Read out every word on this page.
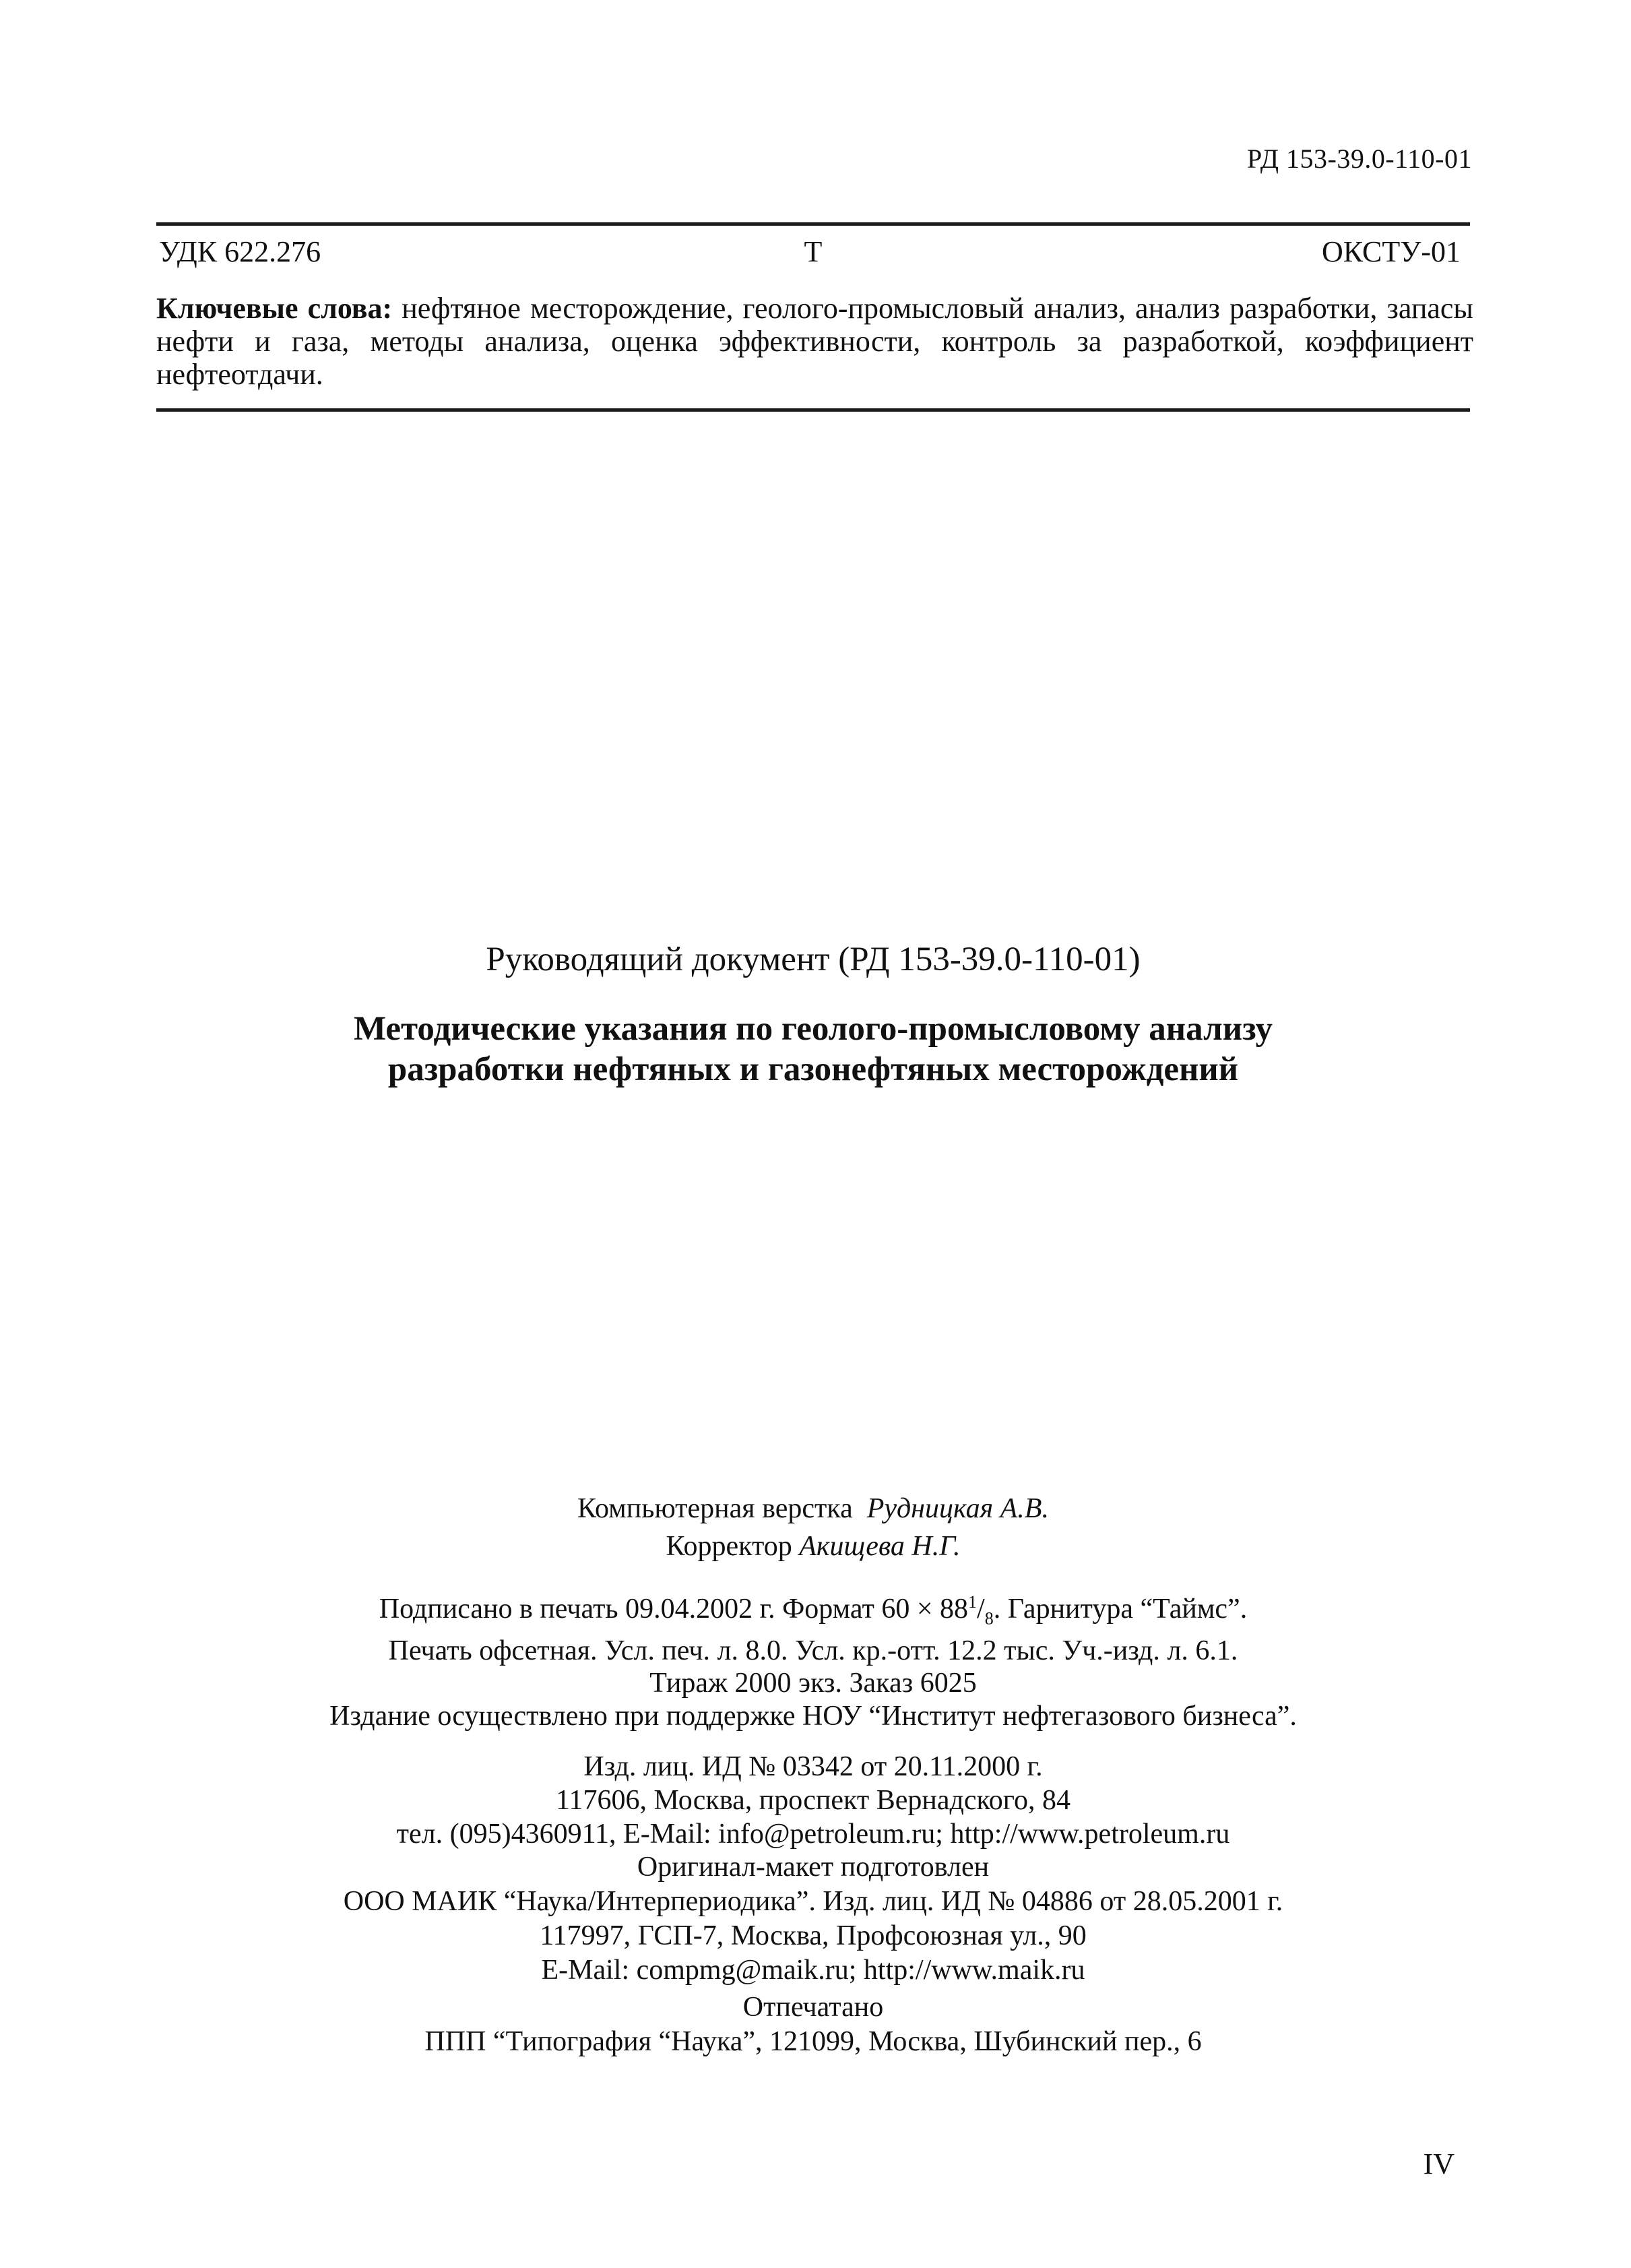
РД 153-39.0-110-01
УДК 622.276	Т	ОКСТУ-01
Ключевые слова: нефтяное месторождение, геолого-промысловый анализ, анализ разработки, запасы нефти и газа, методы анализа, оценка эффективности, контроль за разработкой, коэффициент нефтеотдачи.
Руководящий документ (РД 153-39.0-110-01)
Методические указания по геолого-промысловому анализу
разработки нефтяных и газонефтяных месторождений
Компьютерная верстка Рудницкая А.В.
Корректор Акищева Н.Г.
Подписано в печать 09.04.2002 г. Формат $60 \times 88^1/_8$. Гарнитура “Таймс”.
Печать офсетная. Усл. печ. л. 8.0. Усл. кр.-отт. 12.2 тыс. Уч.-изд. л. 6.1.
Тираж 2000 экз. Заказ 6025
Издание осуществлено при поддержке НОУ “Институт нефтегазового бизнеса”.
Изд. лиц. ИД № 03342 от 20.11.2000 г.
117606, Москва, проспект Вернадского, 84
тел. (095)4360911, E-Mail: info@petroleum.ru; http://www.petroleum.ru
Оригинал-макет подготовлен
ООО МАИК “Наука/Интерпериодика”. Изд. лиц. ИД № 04886 от 28.05.2001 г.
117997, ГСП-7, Москва, Профсоюзная ул., 90
E-Mail: compmg@maik.ru; http://www.maik.ru
Отпечатано
ППП “Типография “Наука”, 121099, Москва, Шубинский пер., 6
IV
